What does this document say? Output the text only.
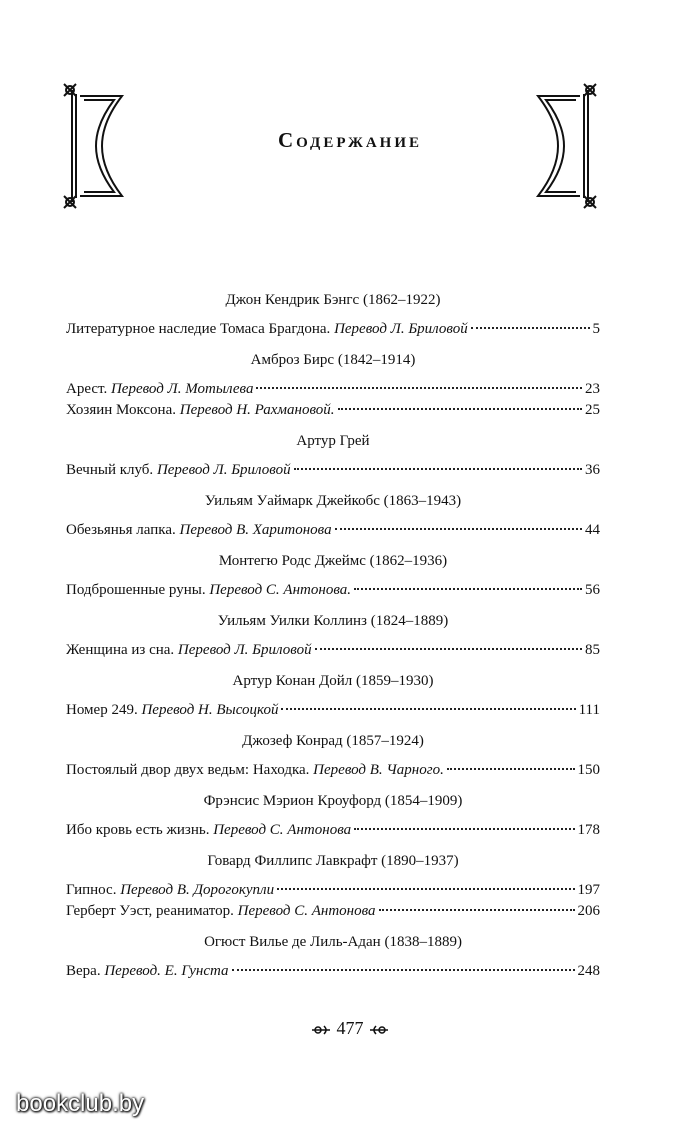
Содержание
Джон Кендрик Бэнгс (1862–1922)
Литературное наследие Томаса Брагдона. Перевод Л. Бриловой	5
Амброз Бирс (1842–1914)
Арест. Перевод Л. Мотылева	23
Хозяин Моксона. Перевод Н. Рахмановой.	25
Артур Грей
Вечный клуб. Перевод Л. Бриловой	36
Уильям Уаймарк Джейкобс (1863–1943)
Обезьянья лапка. Перевод В. Харитонова	44
Монтегю Родс Джеймс (1862–1936)
Подброшенные руны. Перевод С. Антонова.	56
Уильям Уилки Коллинз (1824–1889)
Женщина из сна. Перевод Л. Бриловой	85
Артур Конан Дойл (1859–1930)
Номер 249. Перевод Н. Высоцкой	111
Джозеф Конрад (1857–1924)
Постоялый двор двух ведьм: Находка. Перевод В. Чарного.	150
Фрэнсис Мэрион Кроуфорд (1854–1909)
Ибо кровь есть жизнь. Перевод С. Антонова	178
Говард Филлипс Лавкрафт (1890–1937)
Гипнос. Перевод В. Дорогокупли	197
Герберт Уэст, реаниматор. Перевод С. Антонова	206
Огюст Вилье де Лиль-Адан (1838–1889)
Вера. Перевод. Е. Гунста	248
477
bookclub.by
